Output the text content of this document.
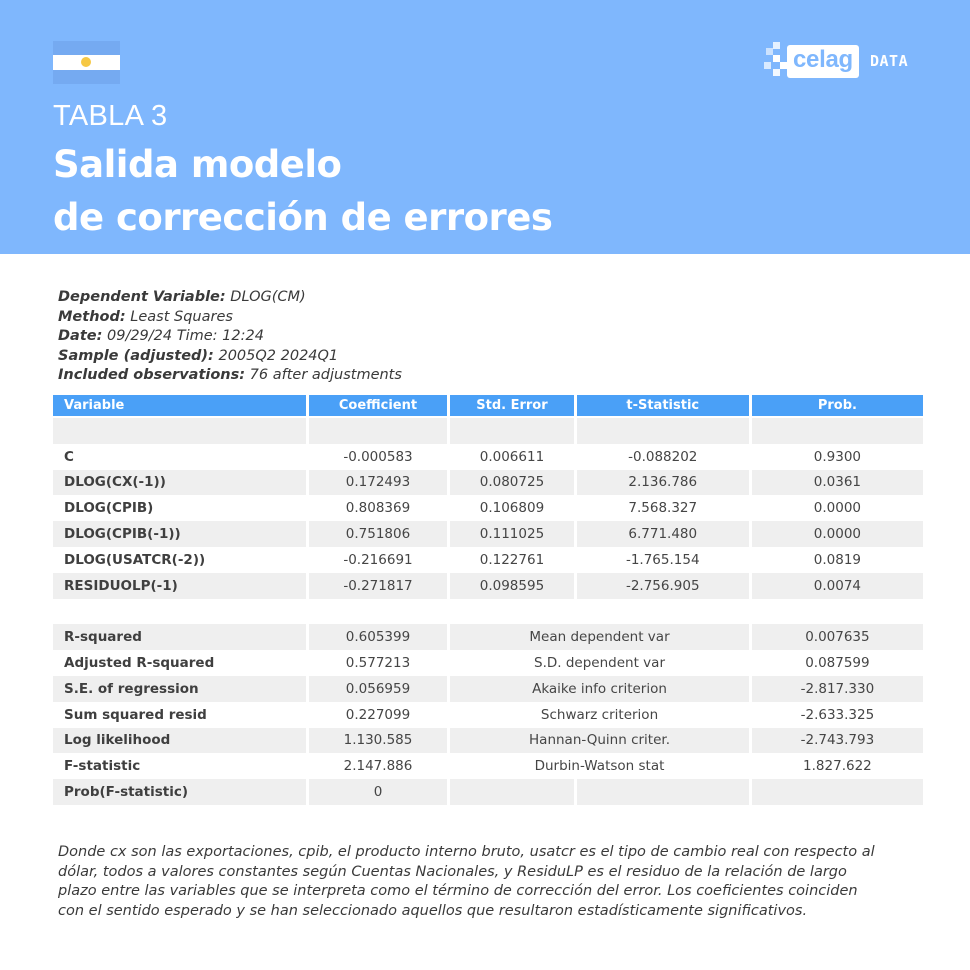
celag	DATA
TABLA 3
Salida modelo
de corrección de errores
Dependent Variable: DLOG(CM)
Method: Least Squares
Date: 09/29/24 Time: 12:24
Sample (adjusted): 2005Q2 2024Q1
Included observations: 76 after adjustments
Variable	Coefficient	Std. Error	t-Statistic	Prob.

C	-0.000583	0.006611	-0.088202	0.9300
DLOG(CX(-1))	0.172493	0.080725	2.136.786	0.0361
DLOG(CPIB)	0.808369	0.106809	7.568.327	0.0000
DLOG(CPIB(-1))	0.751806	0.111025	6.771.480	0.0000
DLOG(USATCR(-2))	-0.216691	0.122761	-1.765.154	0.0819
RESIDUOLP(-1)	-0.271817	0.098595	-2.756.905	0.0074

R-squared	0.605399	Mean dependent var		0.007635
Adjusted R-squared	0.577213	S.D. dependent var		0.087599
S.E. of regression	0.056959	Akaike info criterion		-2.817.330
Sum squared resid	0.227099	Schwarz criterion		-2.633.325
Log likelihood	1.130.585	Hannan-Quinn criter.		-2.743.793
F-statistic	2.147.886	Durbin-Watson stat		1.827.622
Prob(F-statistic)	0			
Donde cx son las exportaciones, cpib, el producto interno bruto, usatcr es el tipo de cambio real con respecto al dólar, todos a valores constantes según Cuentas Nacionales, y ResiduLP es el residuo de la relación de largo plazo entre las variables que se interpreta como el término de corrección del error. Los coeficientes coinciden con el sentido esperado y se han seleccionado aquellos que resultaron estadísticamente significativos.
